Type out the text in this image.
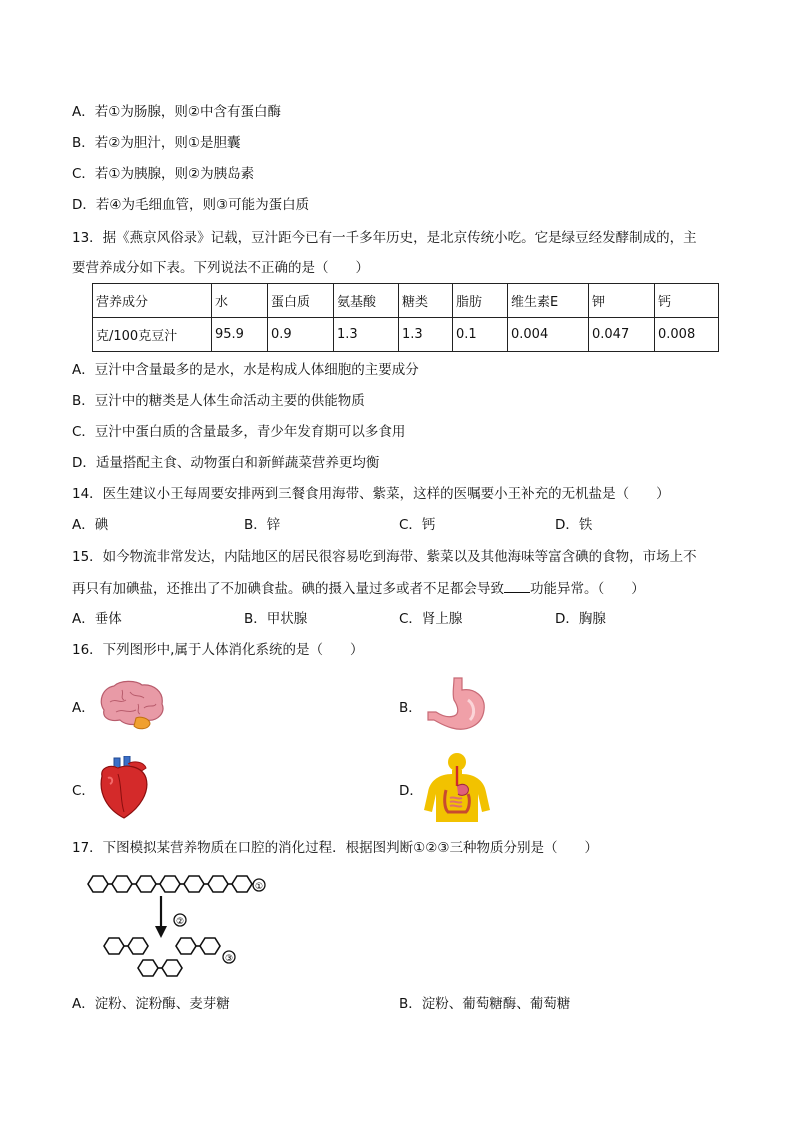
A．若①为肠腺，则②中含有蛋白酶
B．若②为胆汁，则①是胆囊
C．若①为胰腺，则②为胰岛素
D．若④为毛细血管，则③可能为蛋白质
13．据《燕京风俗录》记载，豆汁距今已有一千多年历史，是北京传统小吃。它是绿豆经发酵制成的，主
要营养成分如下表。下列说法不正确的是（　　）
营养成分	水	蛋白质	氨基酸	糖类	脂肪	维生素E	钾	钙
克/100克豆汁	95.9	0.9	1.3	1.3	0.1	0.004	0.047	0.008
A．豆汁中含量最多的是水，水是构成人体细胞的主要成分
B．豆汁中的糖类是人体生命活动主要的供能物质
C．豆汁中蛋白质的含量最多，青少年发育期可以多食用
D．适量搭配主食、动物蛋白和新鲜蔬菜营养更均衡
14．医生建议小王每周要安排两到三餐食用海带、紫菜，这样的医嘱要小王补充的无机盐是（　　）
A．碘	B．锌	C．钙	D．铁
15．如今物流非常发达，内陆地区的居民很容易吃到海带、紫菜以及其他海味等富含碘的食物，市场上不
再只有加碘盐，还推出了不加碘食盐。碘的摄入量过多或者不足都会导致 功能异常。（　　）
A．垂体	B．甲状腺	C．肾上腺	D．胸腺
16．下列图形中,属于人体消化系统的是（　　）
A．	B．
C．	D．
17．下图模拟某营养物质在口腔的消化过程．根据图判断①②③三种物质分别是（　　）
①
②
③
A．淀粉、淀粉酶、麦芽糖	B．淀粉、葡萄糖酶、葡萄糖
